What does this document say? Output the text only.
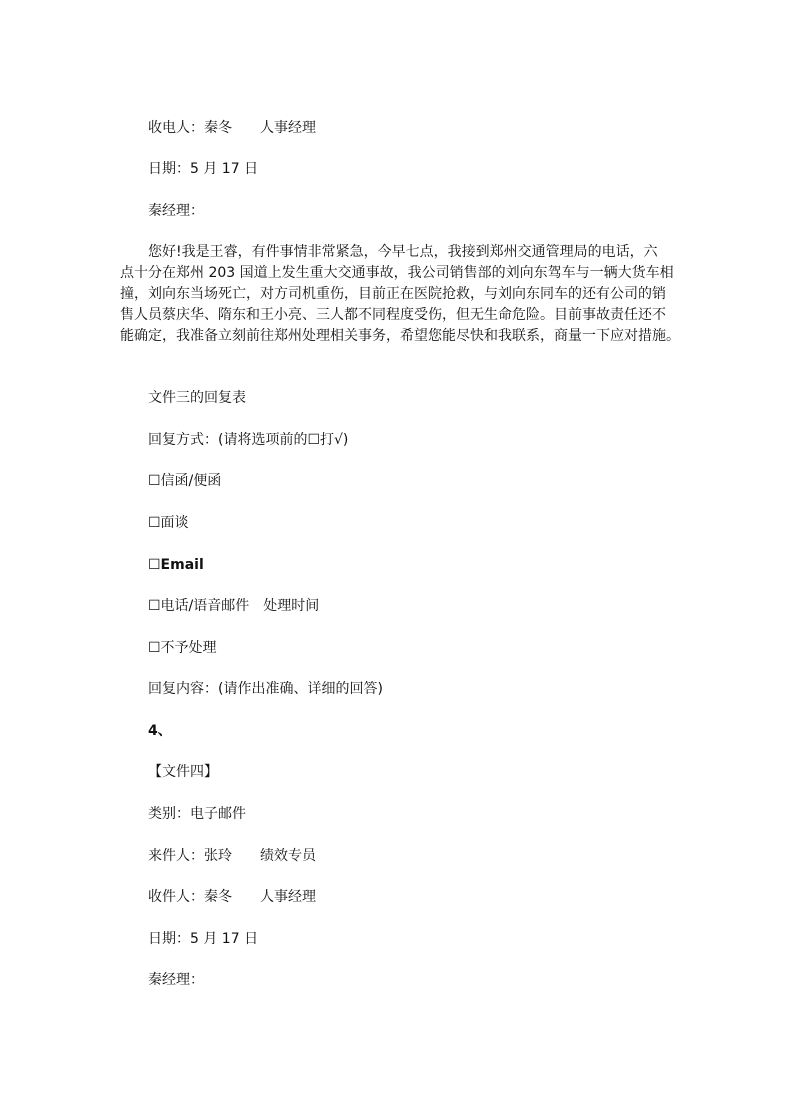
收电人：秦冬　　人事经理
日期：5 月 17 日
秦经理：
您好!我是王睿，有件事情非常紧急，今早七点，我接到郑州交通管理局的电话，六
点十分在郑州 203 国道上发生重大交通事故，我公司销售部的刘向东驾车与一辆大货车相
撞，刘向东当场死亡，对方司机重伤，目前正在医院抢救，与刘向东同车的还有公司的销
售人员蔡庆华、隋东和王小亮、三人都不同程度受伤，但无生命危险。目前事故责任还不
能确定，我准备立刻前往郑州处理相关事务，希望您能尽快和我联系，商量一下应对措施。
文件三的回复表
回复方式：(请将选项前的☐打√)
☐信函/便函
☐面谈
☐Email
☐电话/语音邮件　处理时间
☐不予处理
回复内容：(请作出准确、详细的回答)
4、
【文件四】
类别：电子邮件
来件人：张玲　　绩效专员
收件人：秦冬　　人事经理
日期：5 月 17 日
秦经理：
